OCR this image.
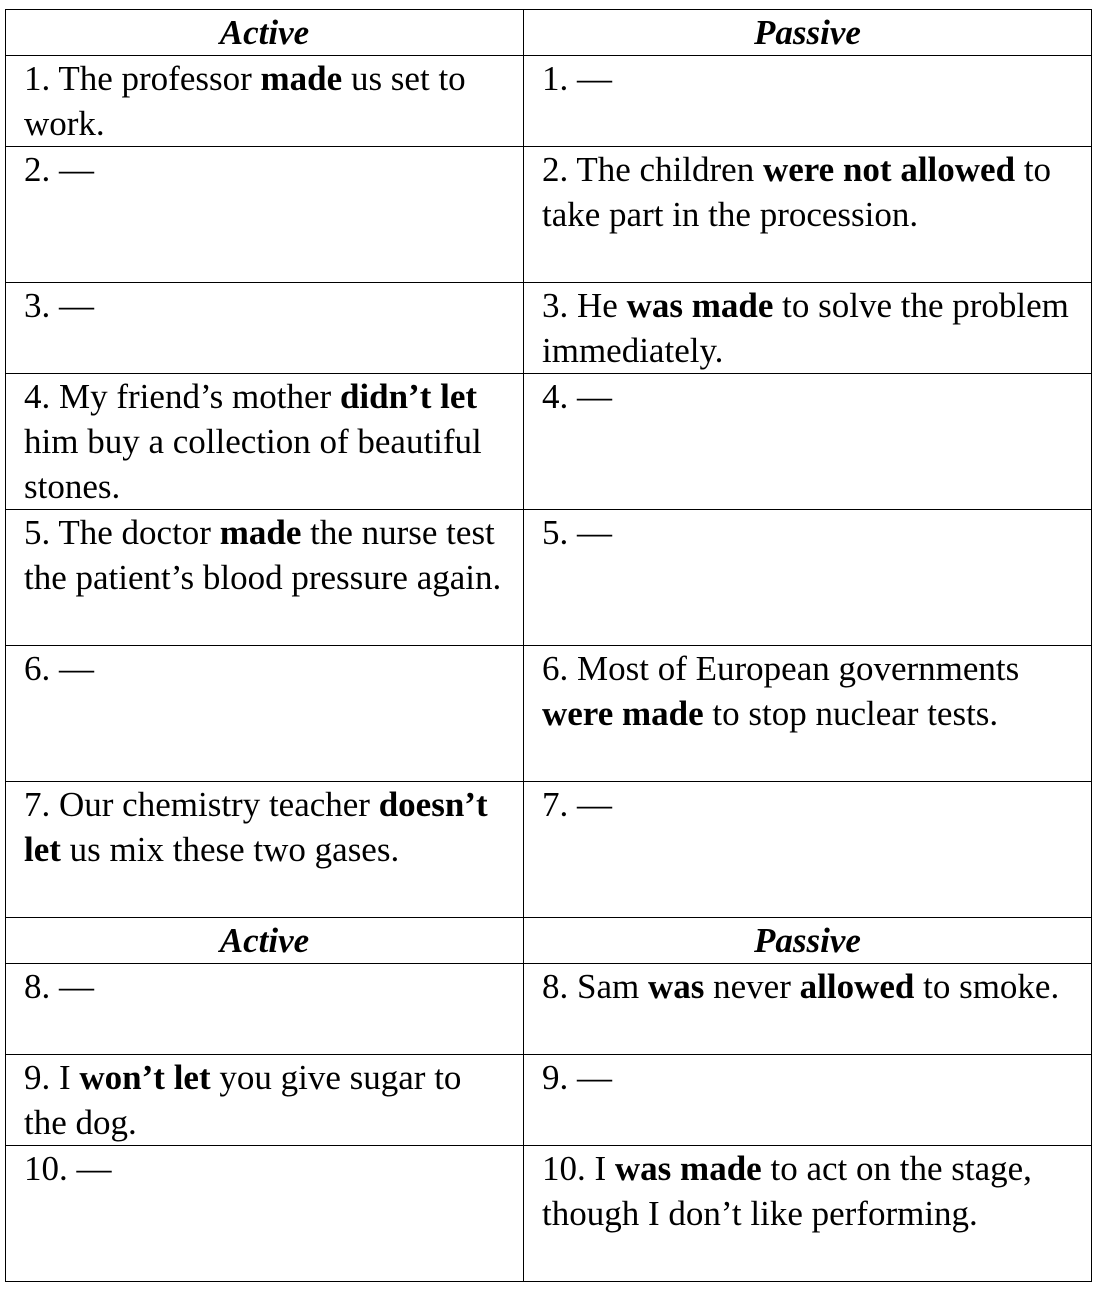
Active	Passive
1. The professor made us set to work.	1. —
2. —	2. The children were not allowed to take part in the procession.
3. —	3. He was made to solve the problem immediately.
4. My friend’s mother didn’t let him buy a collection of beautiful stones.	4. —
5. The doctor made the nurse test the patient’s blood pressure again.	5. —
6. —	6. Most of European governments were made to stop nuclear tests.
7. Our chemistry teacher doesn’t let us mix these two gases.	7. —
Active	Passive
8. —	8. Sam was never allowed to smoke.
9. I won’t let you give sugar to the dog.	9. —
10. —	10. I was made to act on the stage, though I don’t like performing.
